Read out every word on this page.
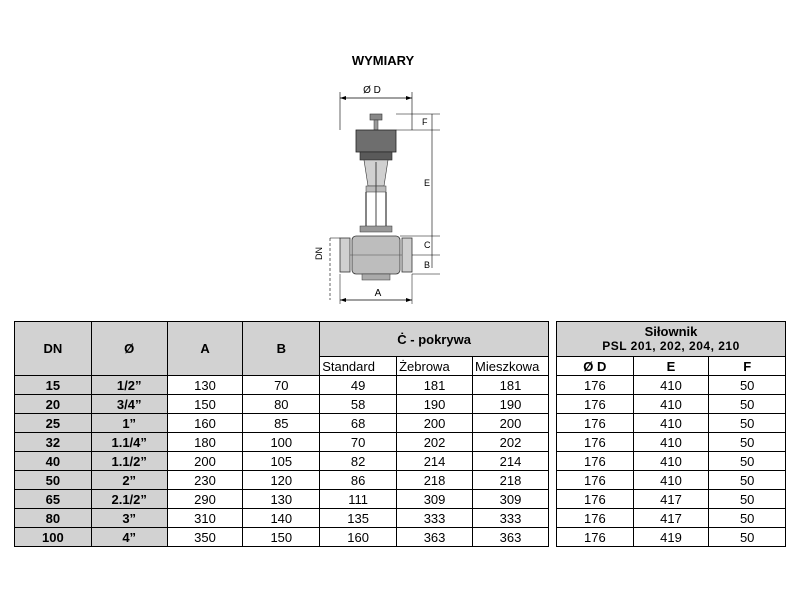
WYMIARY
Ø D
F
E
C
B
DN
A
DN	Ø	A	B	Ċ - pokrywa		
				Standard	Żebrowa	Mieszkowa
15	1/2”	130	70	49	181	181
20	3/4”	150	80	58	190	190
25	1”	160	85	68	200	200
32	1.1/4”	180	100	70	202	202
40	1.1/2”	200	105	82	214	214
50	2”	230	120	86	218	218
65	2.1/2”	290	130	111	309	309
80	3”	310	140	135	333	333
100	4”	350	150	160	363	363
Siłownik
PSL 201, 202, 204, 210		

Ø D	E	F
176	410	50
176	410	50
176	410	50
176	410	50
176	410	50
176	410	50
176	417	50
176	417	50
176	419	50
